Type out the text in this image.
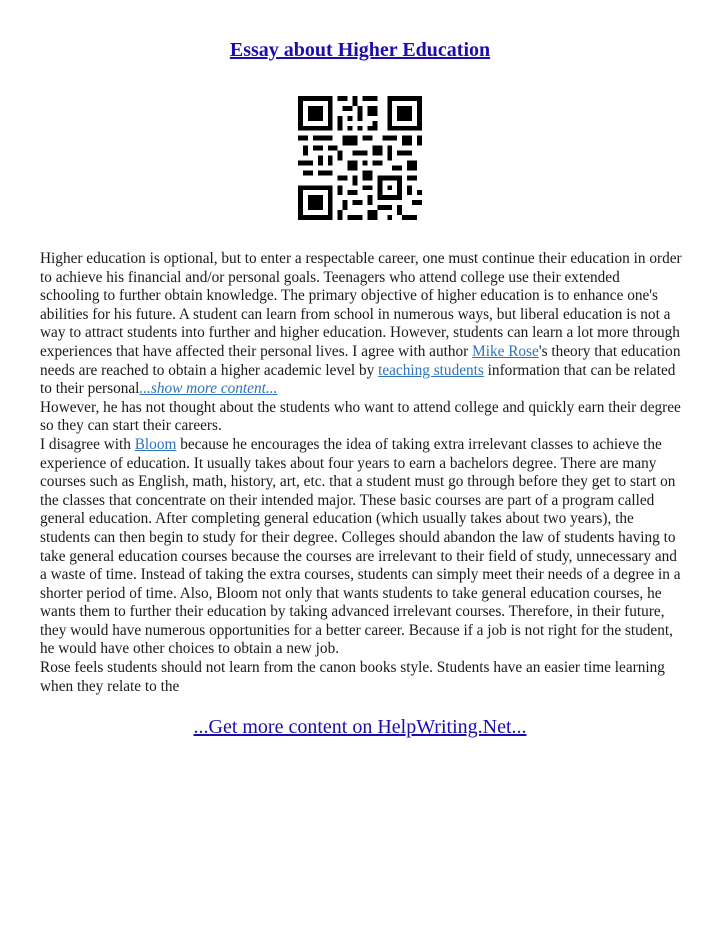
Essay about Higher Education

Higher education is optional, but to enter a respectable career, one must continue their education in order to achieve his financial and/or personal goals. Teenagers who attend college use their extended schooling to further obtain knowledge. The primary objective of higher education is to enhance one's abilities for his future. A student can learn from school in numerous ways, but liberal education is not a way to attract students into further and higher education. However, students can learn a lot more through experiences that have affected their personal lives. I agree with author Mike Rose's theory that education needs are reached to obtain a higher academic level by teaching students information that can be related to their personal...show more content...

However, he has not thought about the students who want to attend college and quickly earn their degree so they can start their careers.

I disagree with Bloom because he encourages the idea of taking extra irrelevant classes to achieve the experience of education. It usually takes about four years to earn a bachelors degree. There are many courses such as English, math, history, art, etc. that a student must go through before they get to start on the classes that concentrate on their intended major. These basic courses are part of a program called general education. After completing general education (which usually takes about two years), the students can then begin to study for their degree. Colleges should abandon the law of students having to take general education courses because the courses are irrelevant to their field of study, unnecessary and a waste of time. Instead of taking the extra courses, students can simply meet their needs of a degree in a shorter period of time. Also, Bloom not only that wants students to take general education courses, he wants them to further their education by taking advanced irrelevant courses. Therefore, in their future, they would have numerous opportunities for a better career. Because if a job is not right for the student, he would have other choices to obtain a new job.

Rose feels students should not learn from the canon books style. Students have an easier time learning when they relate to the

...Get more content on HelpWriting.Net...
